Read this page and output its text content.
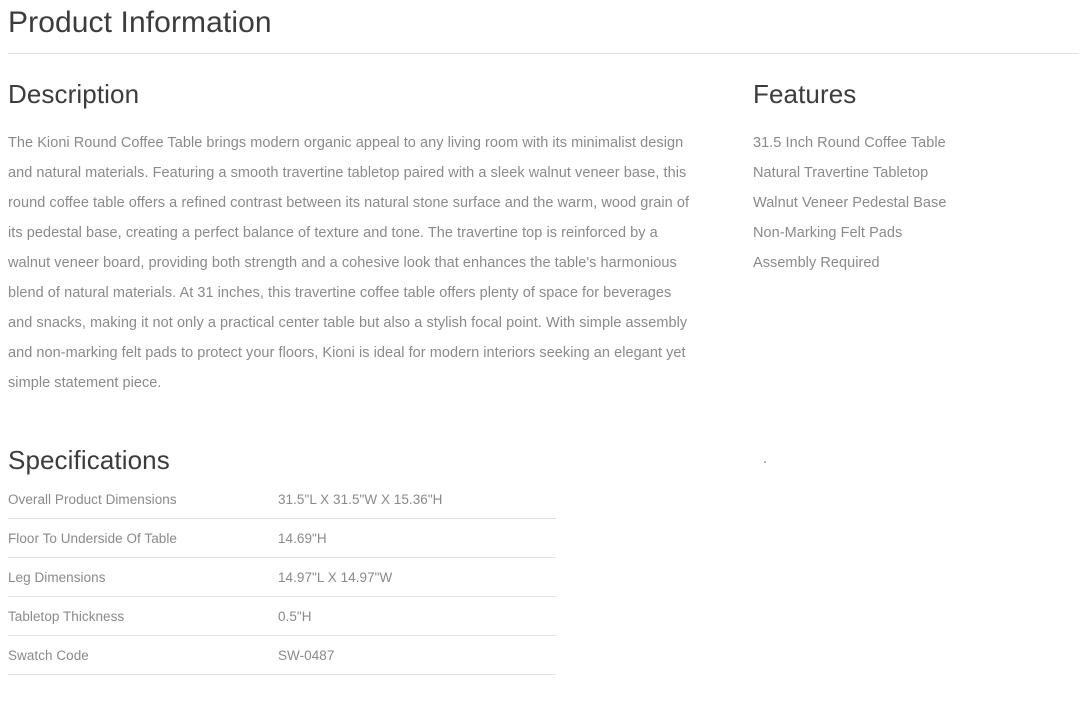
Product Information
Description

The Kioni Round Coffee Table brings modern organic appeal to any living room with its minimalist design and natural materials. Featuring a smooth travertine tabletop paired with a sleek walnut veneer base, this round coffee table offers a refined contrast between its natural stone surface and the warm, wood grain of its pedestal base, creating a perfect balance of texture and tone. The travertine top is reinforced by a walnut veneer board, providing both strength and a cohesive look that enhances the table's harmonious blend of natural materials. At 31 inches, this travertine coffee table offers plenty of space for beverages and snacks, making it not only a practical center table but also a stylish focal point. With simple assembly and non-marking felt pads to protect your floors, Kioni is ideal for modern interiors seeking an elegant yet simple statement piece.

Specifications
Overall Product Dimensions	31.5"L X 31.5"W X 15.36"H
Floor To Underside Of Table	14.69"H
Leg Dimensions	14.97"L X 14.97"W
Tabletop Thickness	0.5"H
Swatch Code	SW-0487
Features
31.5 Inch Round Coffee Table
Natural Travertine Tabletop
Walnut Veneer Pedestal Base
Non-Marking Felt Pads
Assembly Required
